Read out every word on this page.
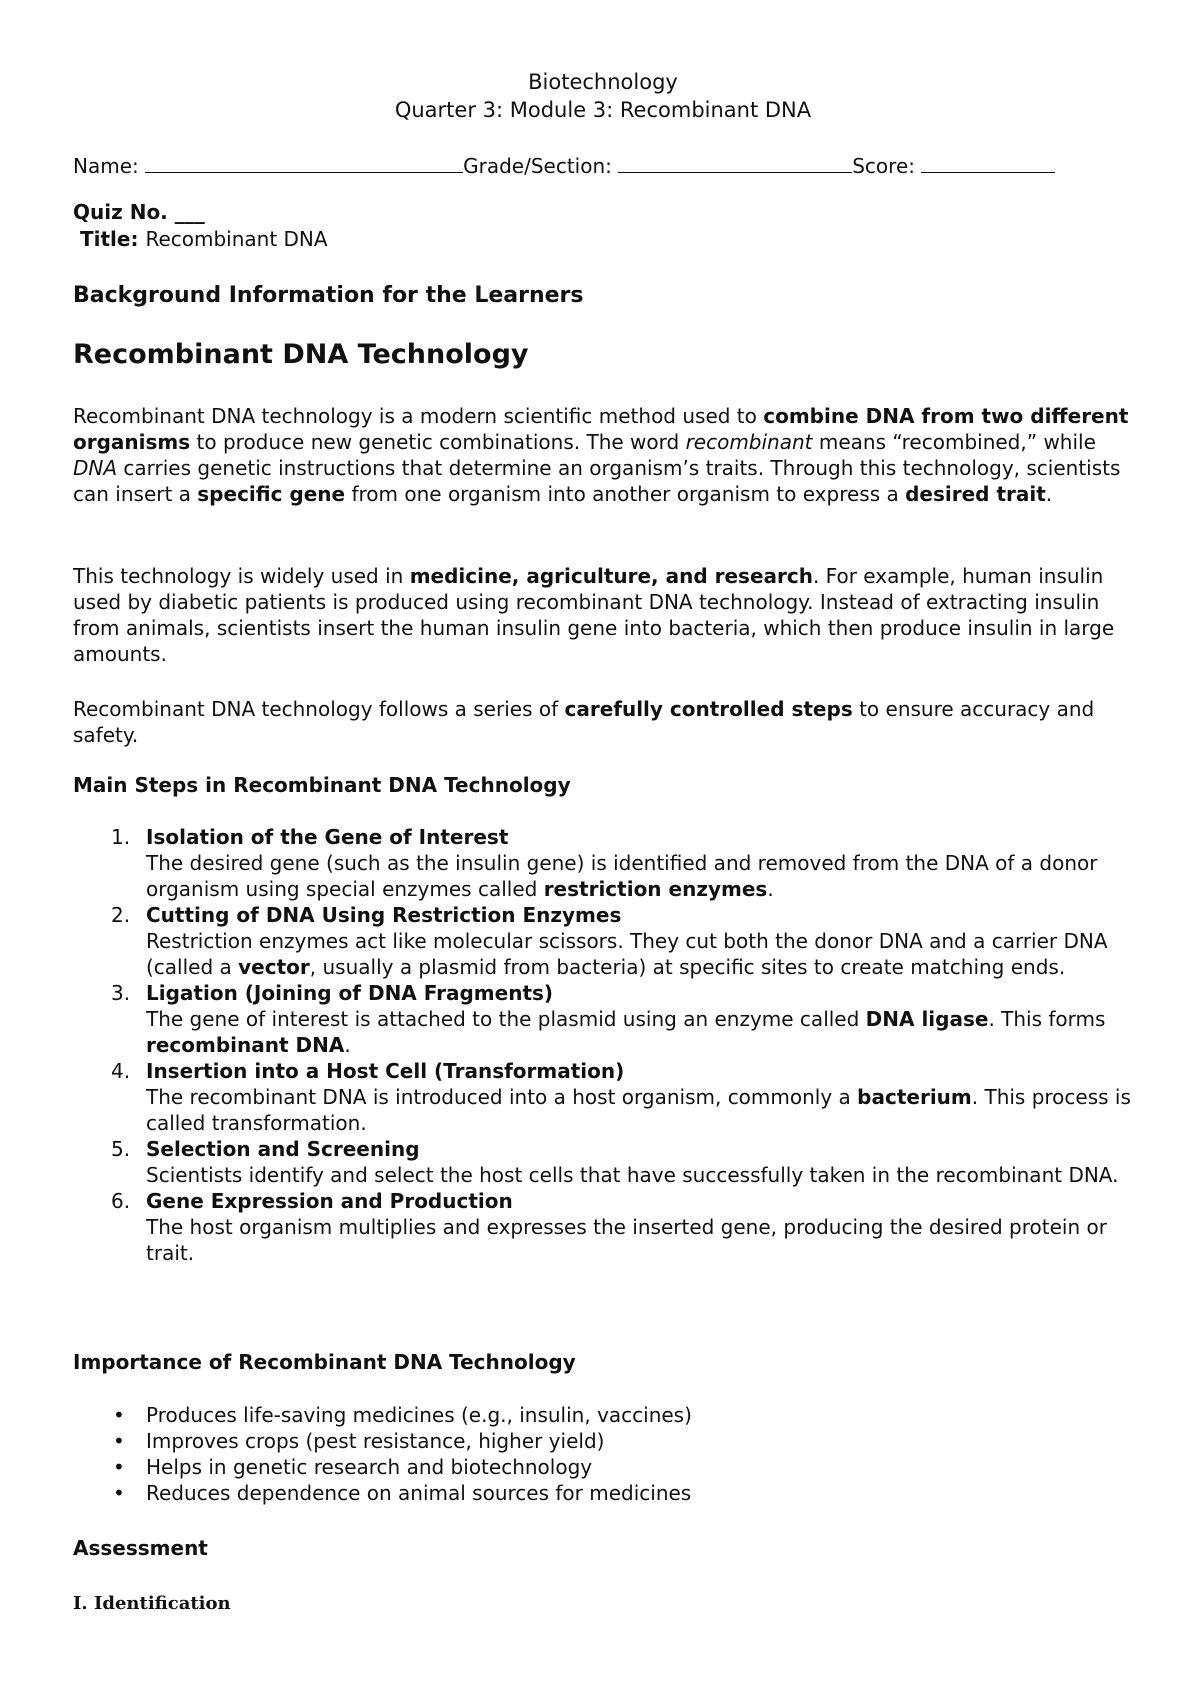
Biotechnology
Quarter 3: Module 3: Recombinant DNA
Name:	Grade/Section:	Score:
Quiz No. ___
Title: Recombinant DNA
Background Information for the Learners
Recombinant DNA Technology

Recombinant DNA technology is a modern scientific method used to combine DNA from two different organisms to produce new genetic combinations. The word recombinant means “recombined,” while DNA carries genetic instructions that determine an organism’s traits. Through this technology, scientists can insert a specific gene from one organism into another organism to express a desired trait.

This technology is widely used in medicine, agriculture, and research. For example, human insulin used by diabetic patients is produced using recombinant DNA technology. Instead of extracting insulin from animals, scientists insert the human insulin gene into bacteria, which then produce insulin in large amounts.

Recombinant DNA technology follows a series of carefully controlled steps to ensure accuracy and safety.

Main Steps in Recombinant DNA Technology
1. Isolation of the Gene of Interest
The desired gene (such as the insulin gene) is identified and removed from the DNA of a donor organism using special enzymes called restriction enzymes.
2. Cutting of DNA Using Restriction Enzymes
Restriction enzymes act like molecular scissors. They cut both the donor DNA and a carrier DNA (called a vector, usually a plasmid from bacteria) at specific sites to create matching ends.
3. Ligation (Joining of DNA Fragments)
The gene of interest is attached to the plasmid using an enzyme called DNA ligase. This forms recombinant DNA.
4. Insertion into a Host Cell (Transformation)
The recombinant DNA is introduced into a host organism, commonly a bacterium. This process is called transformation.
5. Selection and Screening
Scientists identify and select the host cells that have successfully taken in the recombinant DNA.
6. Gene Expression and Production
The host organism multiplies and expresses the inserted gene, producing the desired protein or trait.
Importance of Recombinant DNA Technology
• Produces life-saving medicines (e.g., insulin, vaccines)
• Improves crops (pest resistance, higher yield)
• Helps in genetic research and biotechnology
• Reduces dependence on animal sources for medicines
Assessment
I. Identification
